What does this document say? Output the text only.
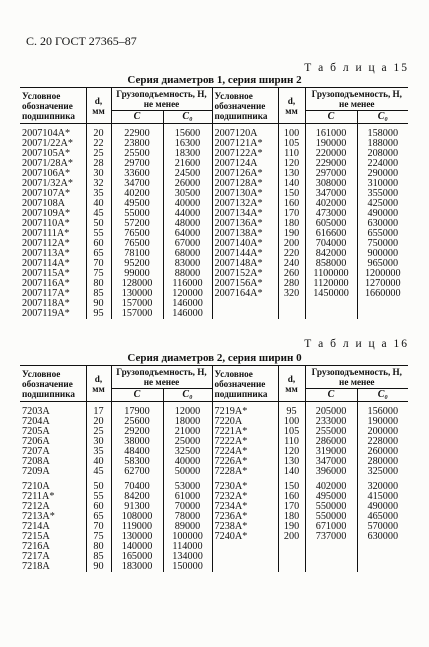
С. 20 ГОСТ 27365–87
Т а б л и ц а 15
Серия диаметров 1, серия ширин 2
Условное обозначение подшипника	d, мм	Грузоподъемность, Н, не менее		Условное обозначение подшипника	d, мм	Грузоподъемность, Н, не менее	
		C	C₀			C	C₀
2007104A*	20	22900	15600	2007120A	100	161000	158000
20071/22A*	22	23800	16300	2007121A*	105	190000	188000
2007105A*	25	25500	18300	2007122A*	110	220000	208000
20071/28A*	28	29700	21600	2007124A	120	229000	224000
2007106A*	30	33600	24500	2007126A*	130	297000	290000
20071/32A*	32	34700	26000	2007128A*	140	308000	310000
2007107A*	35	40200	30500	2007130A*	150	347000	355000
2007108A	40	49500	40000	2007132A*	160	402000	425000
2007109A*	45	55000	44000	2007134A*	170	473000	490000
2007110A*	50	57200	48000	2007136A*	180	605000	630000
2007111A*	55	76500	64000	2007138A*	190	616600	655000
2007112A*	60	76500	67000	2007140A*	200	704000	750000
2007113A*	65	78100	68000	2007144A*	220	842000	900000
2007114A*	70	95200	83000	2007148A*	240	858000	965000
2007115A*	75	99000	88000	2007152A*	260	1100000	1200000
2007116A*	80	128000	116000	2007156A*	280	1120000	1270000
2007117A*	85	130000	120000	2007164A*	320	1450000	1660000
2007118A*	90	157000	146000				
2007119A*	95	157000	146000				
Т а б л и ц а 16
Серия диаметров 2, серия ширин 0
Условное обозначение подшипника	d, мм	Грузоподъемность, Н, не менее		Условное обозначение подшипника	d, мм	Грузоподъемность, Н, не менее	
		C	C₀			C	C₀
7203A	17	17900	12000	7219A*	95	205000	156000
7204A	20	25600	18000	7220A	100	233000	190000
7205A	25	29200	21000	7221A*	105	255000	200000
7206A	30	38000	25000	7222A*	110	286000	228000
7207A	35	48400	32500	7224A*	120	319000	260000
7208A	40	58300	40000	7226A*	130	347000	280000
7209A	45	62700	50000	7228A*	140	396000	325000
7210A	50	70400	53000	7230A*	150	402000	320000
7211A*	55	84200	61000	7232A*	160	495000	415000
7212A	60	91300	70000	7234A*	170	550000	490000
7213A*	65	108000	78000	7236A*	180	550000	465000
7214A	70	119000	89000	7238A*	190	671000	570000
7215A	75	130000	100000	7240A*	200	737000	630000
7216A	80	140000	114000				
7217A	85	165000	134000				
7218A	90	183000	150000				
